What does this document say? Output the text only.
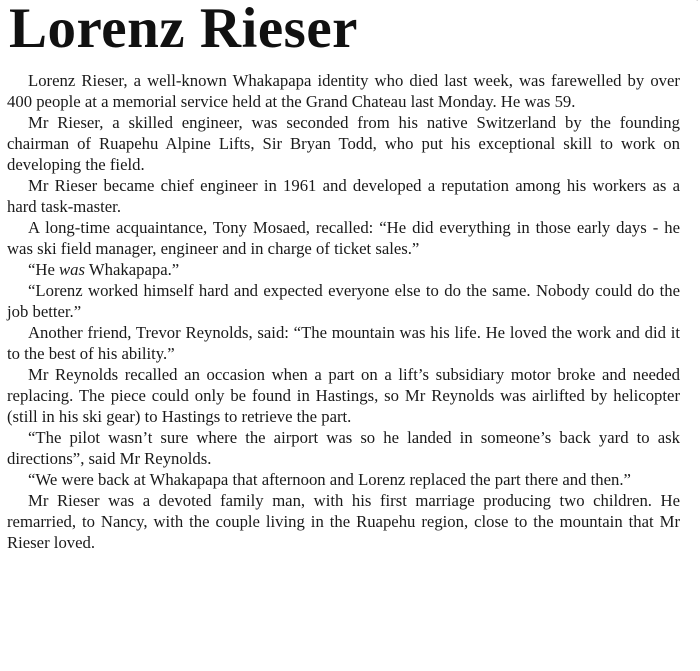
Lorenz Rieser

Lorenz Rieser, a well-known Whakapapa identity who died last week, was farewelled by over 400 people at a memorial service held at the Grand Chateau last Monday. He was 59.

Mr Rieser, a skilled engineer, was seconded from his native Switzerland by the founding chairman of Ruapehu Alpine Lifts, Sir Bryan Todd, who put his exceptional skill to work on developing the field.

Mr Rieser became chief engineer in 1961 and developed a reputation among his workers as a hard task-master.

A long-time acquaintance, Tony Mosaed, recalled: “He did everything in those early days - he was ski field manager, engineer and in charge of ticket sales.”

“He was Whakapapa.”

“Lorenz worked himself hard and expected everyone else to do the same. Nobody could do the job better.”

Another friend, Trevor Reynolds, said: “The mountain was his life. He loved the work and did it to the best of his ability.”

Mr Reynolds recalled an occasion when a part on a lift’s subsidiary motor broke and needed replacing. The piece could only be found in Hastings, so Mr Reynolds was airlifted by helicopter (still in his ski gear) to Hastings to retrieve the part.

“The pilot wasn’t sure where the airport was so he landed in someone’s back yard to ask directions”, said Mr Reynolds.

“We were back at Whakapapa that afternoon and Lorenz replaced the part there and then.”

Mr Rieser was a devoted family man, with his first marriage producing two children. He remarried, to Nancy, with the couple living in the Ruapehu region, close to the mountain that Mr Rieser loved.
